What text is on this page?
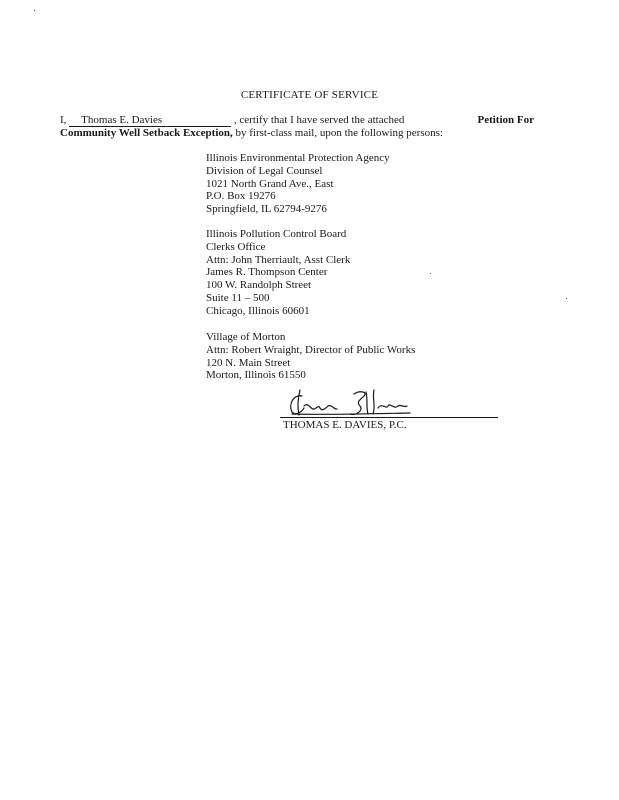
CERTIFICATE OF SERVICE
I, Thomas E. Davies	, certify that I have served the attached	Petition For
Community Well Setback Exception, by first-class mail, upon the following persons:
Illinois Environmental Protection Agency
Division of Legal Counsel
1021 North Grand Ave., East
P.O. Box 19276
Springfield, IL 62794-9276
Illinois Pollution Control Board
Clerks Office
Attn: John Therriault, Asst Clerk
James R. Thompson Center
100 W. Randolph Street
Suite 11 – 500
Chicago, Illinois 60601
Village of Morton
Attn: Robert Wraight, Director of Public Works
120 N. Main Street
Morton, Illinois 61550
THOMAS E. DAVIES, P.C.
